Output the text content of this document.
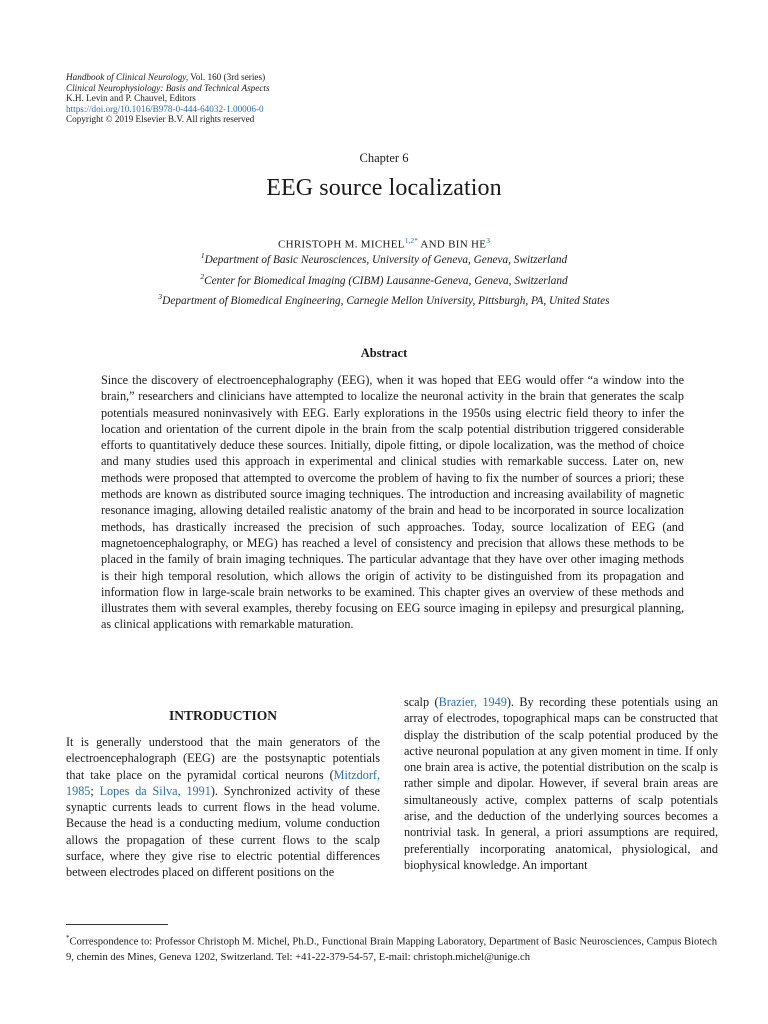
Handbook of Clinical Neurology, Vol. 160 (3rd series)
Clinical Neurophysiology: Basis and Technical Aspects
K.H. Levin and P. Chauvel, Editors
https://doi.org/10.1016/B978-0-444-64032-1.00006-0
Copyright © 2019 Elsevier B.V. All rights reserved
Chapter 6
EEG source localization
CHRISTOPH M. $MICHEL^{1,2*}$ AND BIN $HE^3$
$^1$Department of Basic Neurosciences, University of Geneva, Geneva, Switzerland
$^2$Center for Biomedical Imaging (CIBM) Lausanne-Geneva, Geneva, Switzerland
$^3$Department of Biomedical Engineering, Carnegie Mellon University, Pittsburgh, PA, United States
Abstract
Since the discovery of electroencephalography (EEG), when it was hoped that EEG would offer “a window into the brain,” researchers and clinicians have attempted to localize the neuronal activity in the brain that generates the scalp potentials measured noninvasively with EEG. Early explorations in the 1950s using electric field theory to infer the location and orientation of the current dipole in the brain from the scalp potential distribution triggered considerable efforts to quantitatively deduce these sources. Initially, dipole fitting, or dipole localization, was the method of choice and many studies used this approach in experimental and clinical studies with remarkable success. Later on, new methods were proposed that attempted to overcome the problem of having to fix the number of sources a priori; these methods are known as distributed source imaging techniques. The introduction and increasing availability of magnetic resonance imaging, allowing detailed realistic anatomy of the brain and head to be incorporated in source localization methods, has drastically increased the precision of such approaches. Today, source localization of EEG (and magnetoencephalography, or MEG) has reached a level of consistency and precision that allows these methods to be placed in the family of brain imaging techniques. The particular advantage that they have over other imaging methods is their high temporal resolution, which allows the origin of activity to be distinguished from its propagation and information flow in large-scale brain networks to be examined. This chapter gives an overview of these methods and illustrates them with several examples, thereby focusing on EEG source imaging in epilepsy and presurgical planning, as clinical applications with remarkable maturation.
INTRODUCTION
It is generally understood that the main generators of the electroencephalograph (EEG) are the postsynaptic potentials that take place on the pyramidal cortical neurons (Mitzdorf, 1985; Lopes da Silva, 1991). Synchronized activity of these synaptic currents leads to current flows in the head volume. Because the head is a conducting medium, volume conduction allows the propagation of these current flows to the scalp surface, where they give rise to electric potential differences between electrodes placed on different positions on the
scalp (Brazier, 1949). By recording these potentials using an array of electrodes, topographical maps can be constructed that display the distribution of the scalp potential produced by the active neuronal population at any given moment in time. If only one brain area is active, the potential distribution on the scalp is rather simple and dipolar. However, if several brain areas are simultaneously active, complex patterns of scalp potentials arise, and the deduction of the underlying sources becomes a nontrivial task. In general, a priori assumptions are required, preferentially incorporating anatomical, physiological, and biophysical knowledge. An important
*Correspondence to: Professor Christoph M. Michel, Ph.D., Functional Brain Mapping Laboratory, Department of Basic Neurosciences, Campus Biotech 9, chemin des Mines, Geneva 1202, Switzerland. Tel: +41-22-379-54-57, E-mail: christoph.michel@unige.ch
